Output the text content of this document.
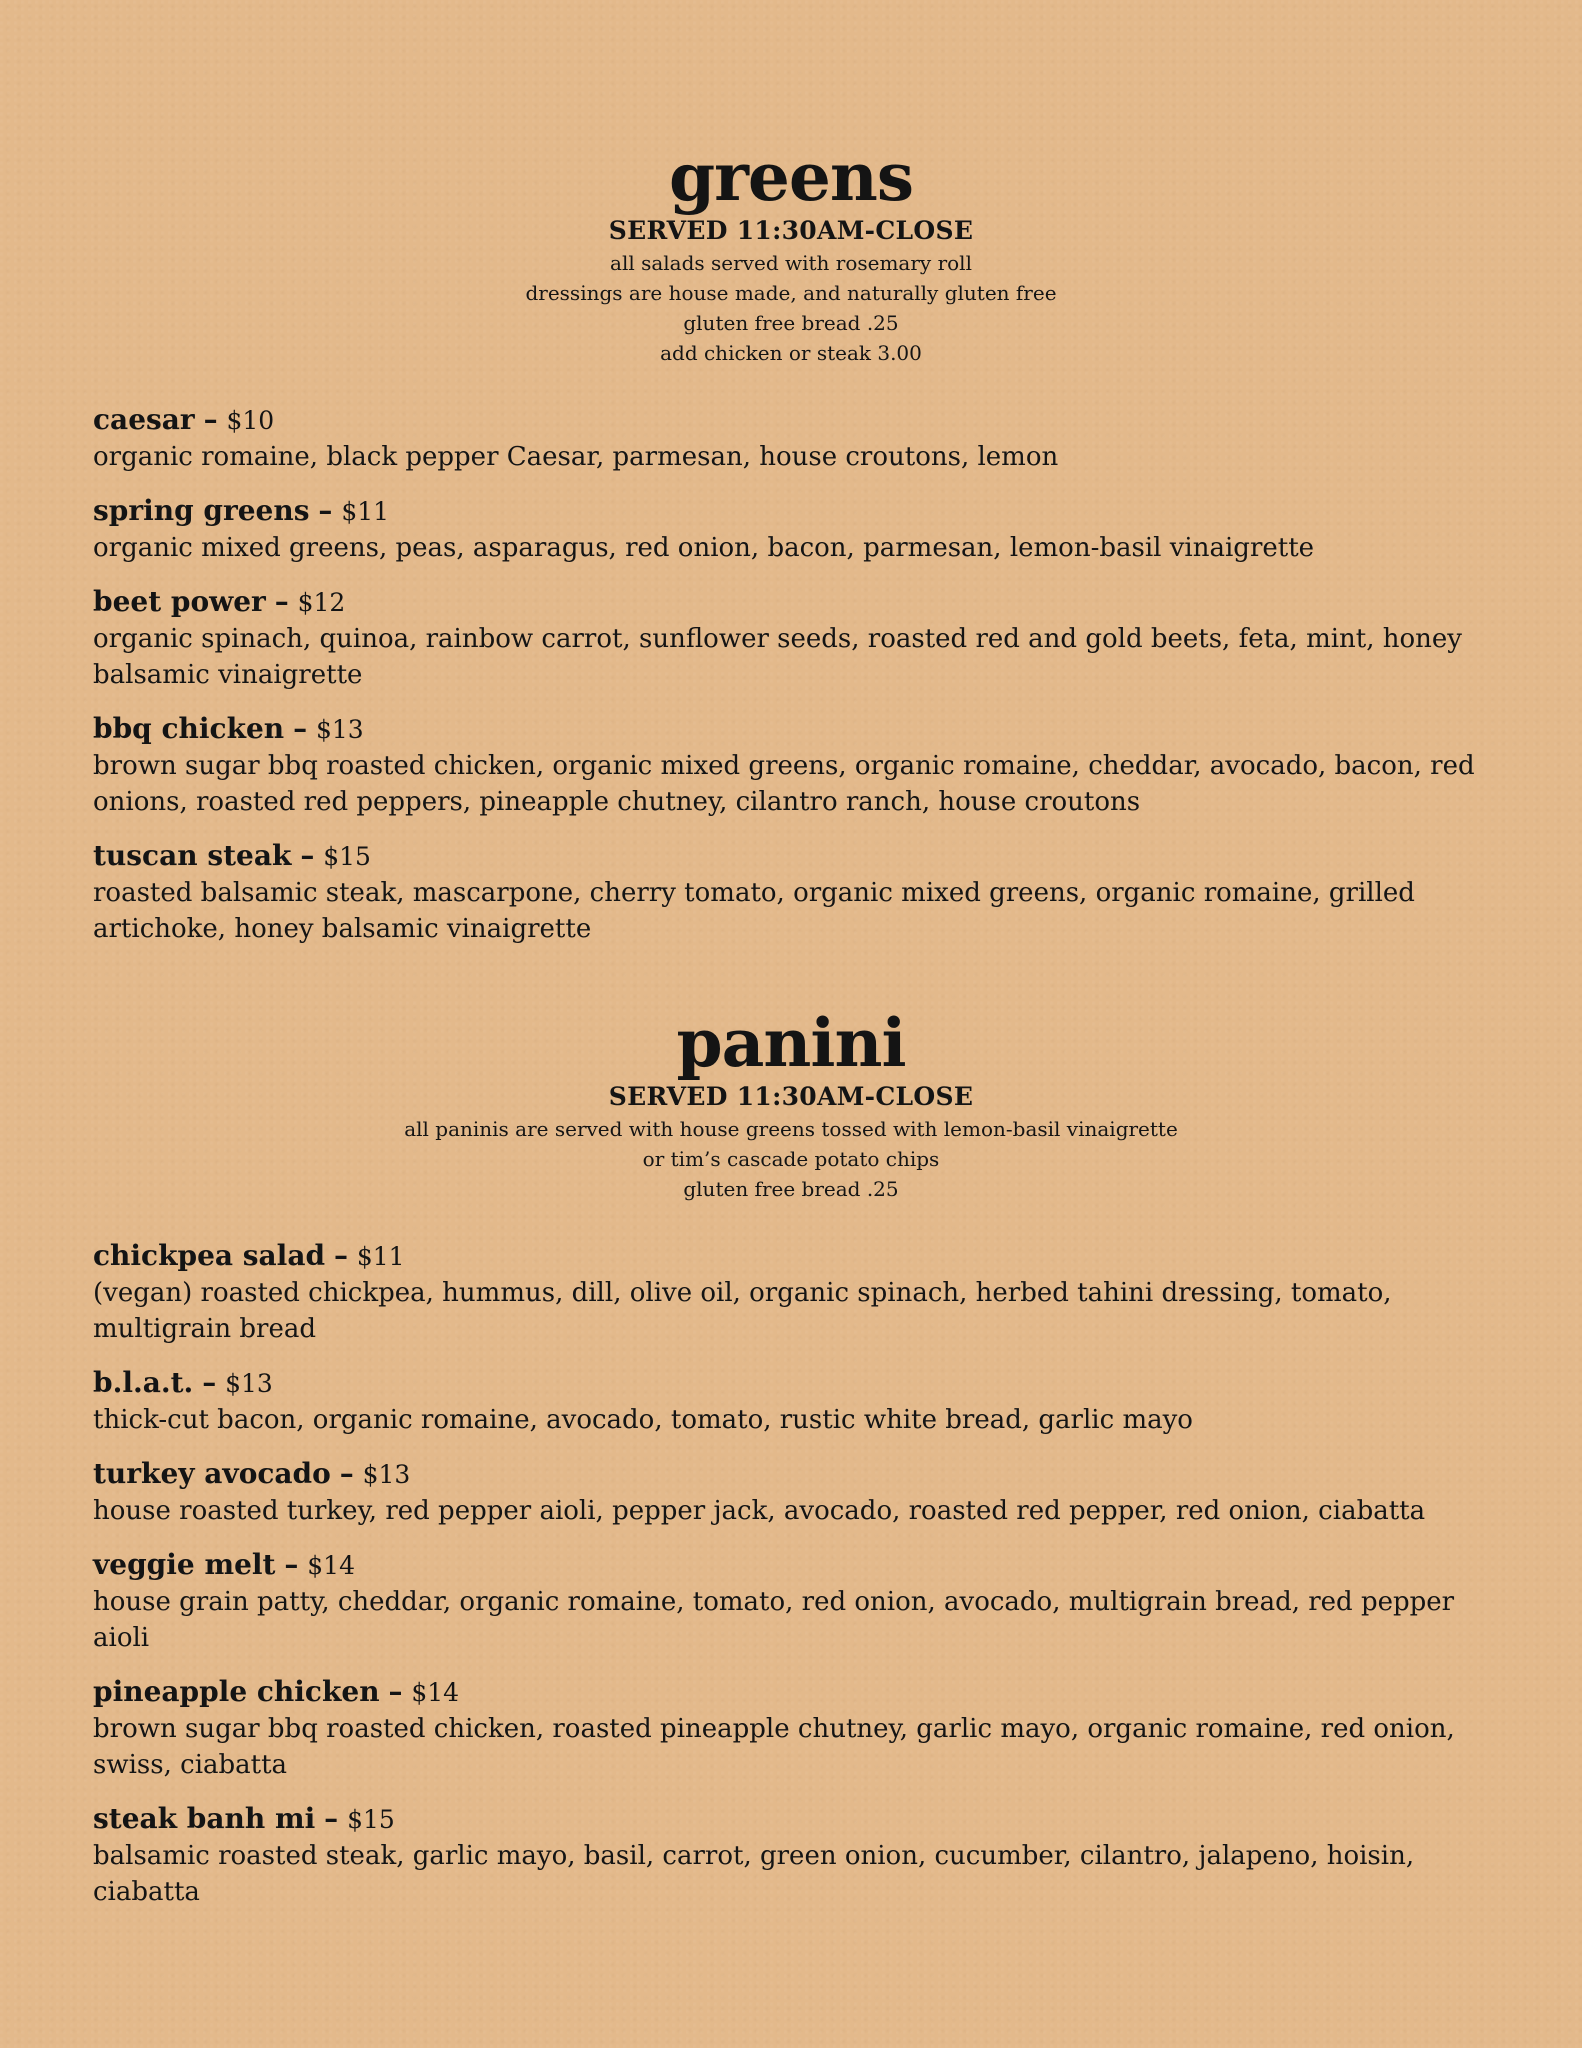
greens
SERVED 11:30AM-CLOSE
all salads served with rosemary roll
dressings are house made, and naturally gluten free
gluten free bread .25
add chicken or steak 3.00
caesar – $10
organic romaine, black pepper Caesar, parmesan, house croutons, lemon
spring greens – $11
organic mixed greens, peas, asparagus, red onion, bacon, parmesan, lemon-basil vinaigrette
beet power – $12
organic spinach, quinoa, rainbow carrot, sunflower seeds, roasted red and gold beets, feta, mint, honey balsamic vinaigrette
bbq chicken – $13
brown sugar bbq roasted chicken, organic mixed greens, organic romaine, cheddar, avocado, bacon, red onions, roasted red peppers, pineapple chutney, cilantro ranch, house croutons
tuscan steak – $15
roasted balsamic steak, mascarpone, cherry tomato, organic mixed greens, organic romaine, grilled artichoke, honey balsamic vinaigrette
panini
SERVED 11:30AM-CLOSE
all paninis are served with house greens tossed with lemon-basil vinaigrette
or tim’s cascade potato chips
gluten free bread .25
chickpea salad – $11
(vegan) roasted chickpea, hummus, dill, olive oil, organic spinach, herbed tahini dressing, tomato, multigrain bread
b.l.a.t. – $13
thick-cut bacon, organic romaine, avocado, tomato, rustic white bread, garlic mayo
turkey avocado – $13
house roasted turkey, red pepper aioli, pepper jack, avocado, roasted red pepper, red onion, ciabatta
veggie melt – $14
house grain patty, cheddar, organic romaine, tomato, red onion, avocado, multigrain bread, red pepper aioli
pineapple chicken – $14
brown sugar bbq roasted chicken, roasted pineapple chutney, garlic mayo, organic romaine, red onion, swiss, ciabatta
steak banh mi – $15
balsamic roasted steak, garlic mayo, basil, carrot, green onion, cucumber, cilantro, jalapeno, hoisin, ciabatta
